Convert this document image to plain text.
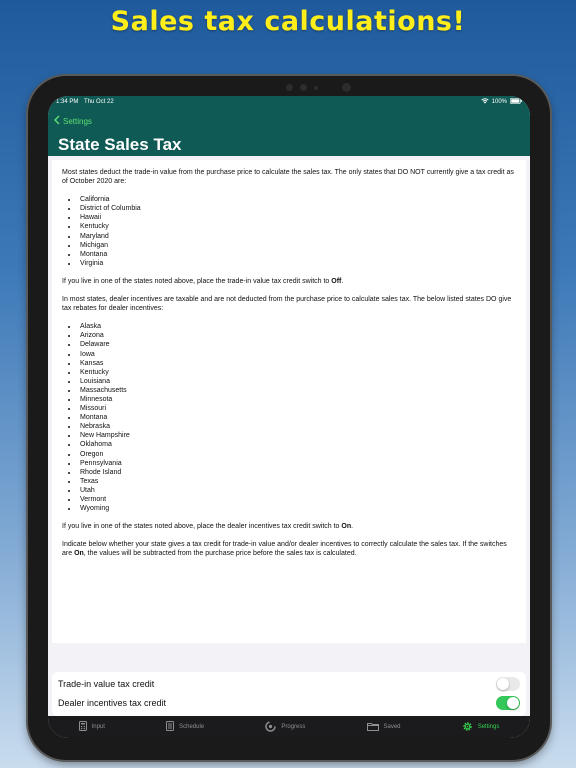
Sales tax calculations!
1:34 PM Thu Oct 22	100%
Settings
State Sales Tax

Most states deduct the trade-in value from the purchase price to calculate the sales tax. The only states that DO NOT currently give a tax credit as of October 2020 are:

• California
• District of Columbia
• Hawaii
• Kentucky
• Maryland
• Michigan
• Montana
• Virginia

If you live in one of the states noted above, place the trade-in value tax credit switch to Off.

In most states, dealer incentives are taxable and are not deducted from the purchase price to calculate sales tax. The below listed states DO give tax rebates for dealer incentives:

• Alaska
• Arizona
• Delaware
• Iowa
• Kansas
• Kentucky
• Louisiana
• Massachusetts
• Minnesota
• Missouri
• Montana
• Nebraska
• New Hampshire
• Oklahoma
• Oregon
• Pennsylvania
• Rhode Island
• Texas
• Utah
• Vermont
• Wyoming

If you live in one of the states noted above, place the dealer incentives tax credit switch to On.

Indicate below whether your state gives a tax credit for trade-in value and/or dealer incentives to correctly calculate the sales tax. If the switches are On, the values will be subtracted from the purchase price before the sales tax is calculated.

Trade-in value tax credit
Dealer incentives tax credit
Input	Schedule	Progress	Saved	Settings
